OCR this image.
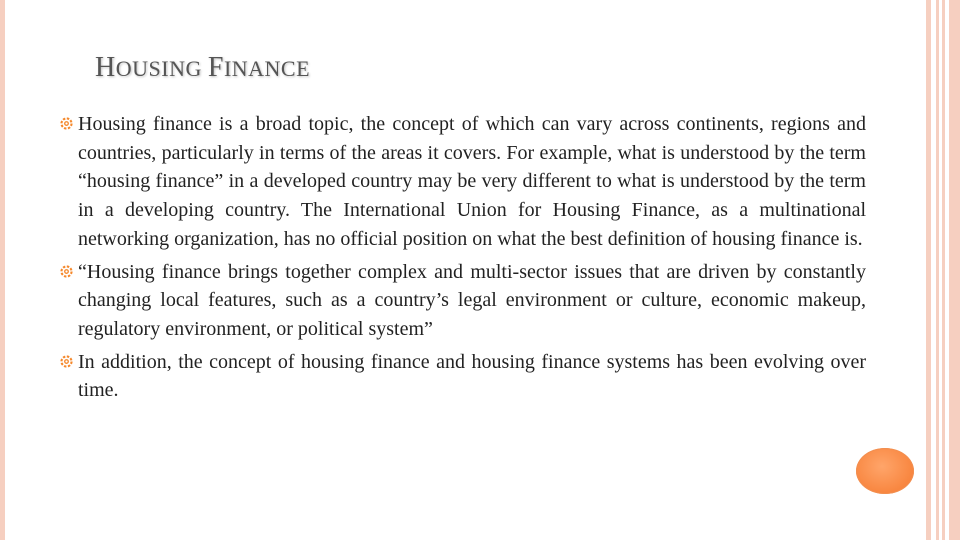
HOUSING FINANCE
Housing finance is a broad topic, the concept of which can vary across continents, regions and countries, particularly in terms of the areas it covers. For example, what is understood by the term “housing finance” in a developed country may be very different to what is understood by the term in a developing country. The International Union for Housing Finance, as a multinational networking organization, has no official position on what the best definition of housing finance is.
“Housing finance brings together complex and multi-sector issues that are driven by constantly changing local features, such as a country’s legal environment or culture, economic makeup, regulatory environment, or political system”
In addition, the concept of housing finance and housing finance systems has been evolving over time.
